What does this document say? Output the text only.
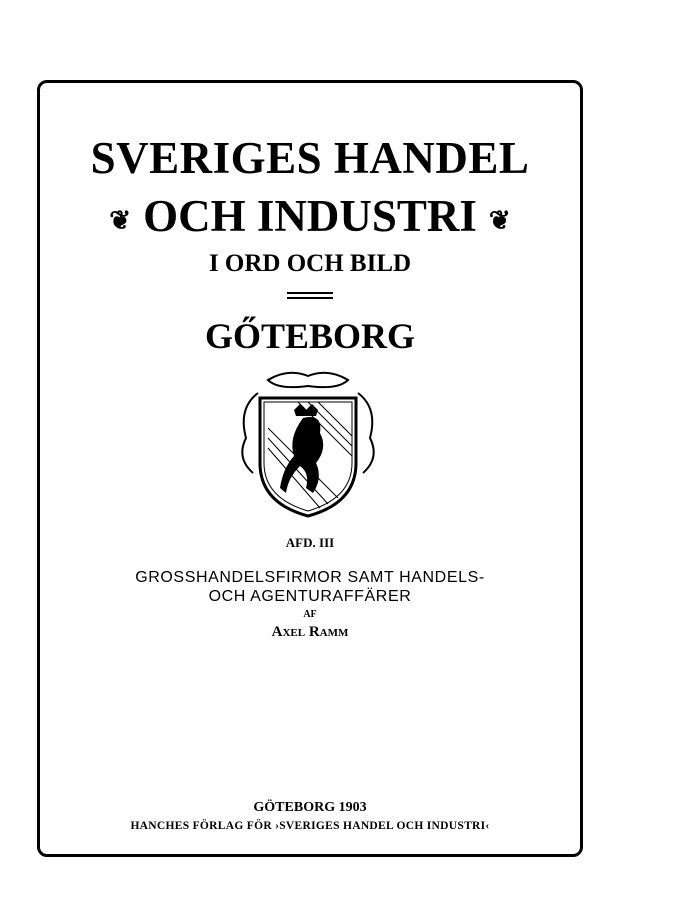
SVERIGES HANDEL
❦ OCH INDUSTRI ❦
I ORD OCH BILD
GŐTEBORG
AFD. III
GROSSHANDELSFIRMOR SAMT HANDELS-
OCH AGENTURAFFÄRER
AF
Axel Ramm
GÖTEBORG 1903
HANCHES FÖRLAG FÖR ›SVERIGES HANDEL OCH INDUSTRI‹
